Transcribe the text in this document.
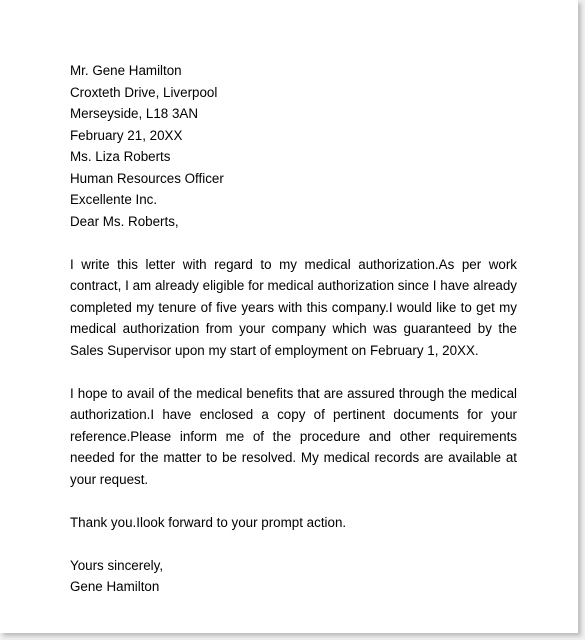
Mr. Gene Hamilton
Croxteth Drive, Liverpool
Merseyside, L18 3AN
February 21, 20XX
Ms. Liza Roberts
Human Resources Officer
Excellente Inc.
Dear Ms. Roberts,
I write this letter with regard to my medical authorization.As per work contract, I am already eligible for medical authorization since I have already completed my tenure of five years with this company.I would like to get my medical authorization from your company which was guaranteed by the Sales Supervisor upon my start of employment on February 1, 20XX.
I hope to avail of the medical benefits that are assured through the medical authorization.I have enclosed a copy of pertinent documents for your reference.Please inform me of the procedure and other requirements needed for the matter to be resolved. My medical records are available at your request.
Thank you.Ilook forward to your prompt action.
Yours sincerely,
Gene Hamilton
